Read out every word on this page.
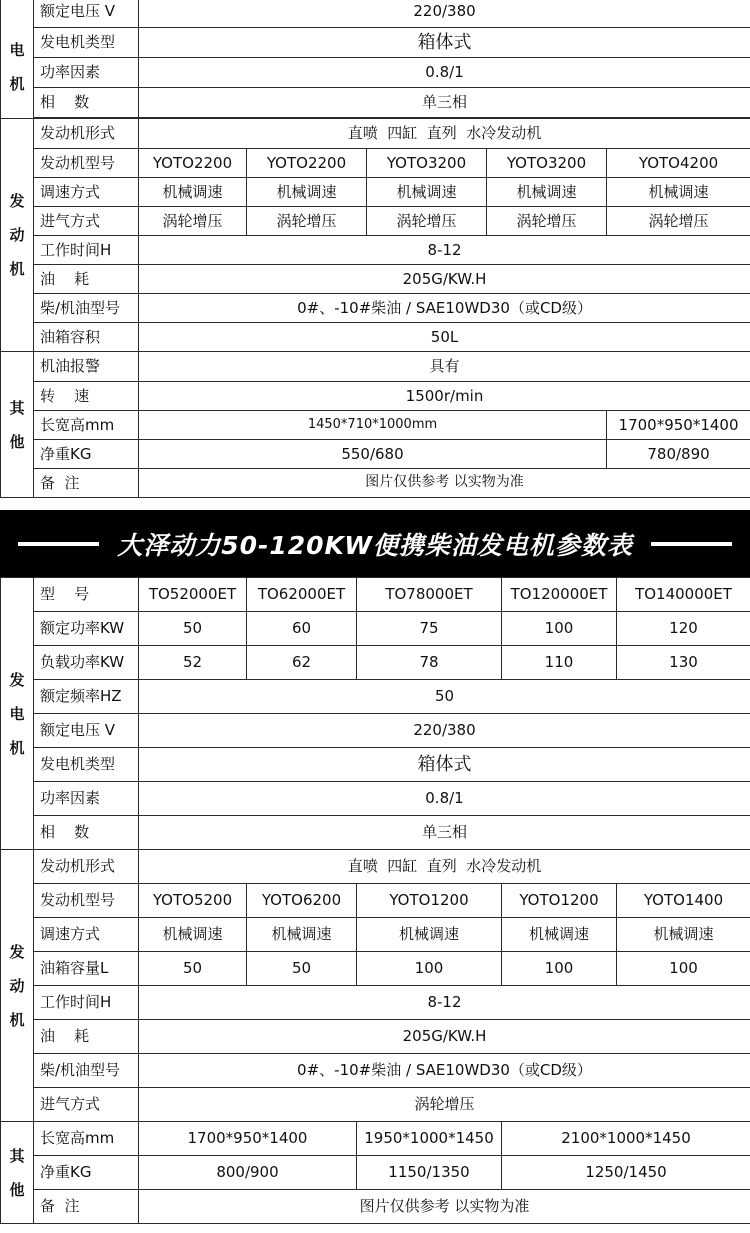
电
机	额定电压 V	220/380				
	发电机类型	箱体式				
	功率因素	0.8/1				
	相    数	单三相				

发
动
机	发动机形式	直喷  四缸  直列  水冷发动机				
	发动机型号	YOTO2200	YOTO2200	YOTO3200	YOTO3200	YOTO4200
	调速方式	机械调速	机械调速	机械调速	机械调速	机械调速
	进气方式	涡轮增压	涡轮增压	涡轮增压	涡轮增压	涡轮增压
	工作时间H	8-12				
	油    耗	205G/KW.H				
	柴/机油型号	0#、-10#柴油 / SAE10WD30（或CD级）				
	油箱容积	50L				

其
他	机油报警	具有				
	转    速	1500r/min				
	长宽高mm	1450*710*1000mm				1700*950*1400
	净重KG	550/680				780/890
	备  注	图片仅供参考 以实物为准				
大泽动力50-120KW便携柴油发电机参数表
发
电
机	型    号	TO52000ET	TO62000ET	TO78000ET	TO120000ET	TO140000ET
	额定功率KW	50	60	75	100	120
	负载功率KW	52	62	78	110	130
	额定频率HZ	50				
	额定电压 V	220/380				
	发电机类型	箱体式				
	功率因素	0.8/1				
	相    数	单三相				

发
动
机	发动机形式	直喷  四缸  直列  水冷发动机				
	发动机型号	YOTO5200	YOTO6200	YOTO1200	YOTO1200	YOTO1400
	调速方式	机械调速	机械调速	机械调速	机械调速	机械调速
	油箱容量L	50	50	100	100	100
	工作时间H	8-12				
	油    耗	205G/KW.H				
	柴/机油型号	0#、-10#柴油 / SAE10WD30（或CD级）				
	进气方式	涡轮增压				

其
他	长宽高mm	1700*950*1400		1950*1000*1450	2100*1000*1450	
	净重KG	800/900		1150/1350	1250/1450	
	备  注	图片仅供参考 以实物为准				
